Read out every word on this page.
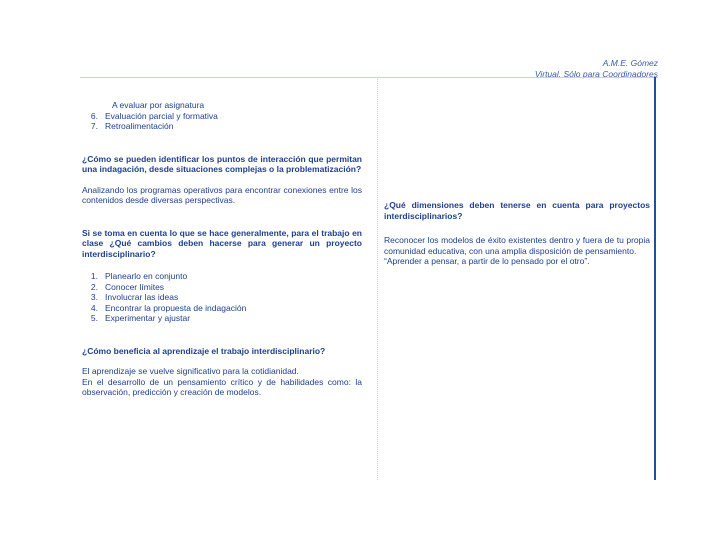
A.M.E. Gómez
Virtual. Sólo para Coordinadores
A evaluar por asignatura
6. Evaluación parcial y formativa
7. Retroalimentación

¿Cómo se pueden identificar los puntos de interacción que permitan una indagación, desde situaciones complejas o la problematización?

Analizando los programas operativos para encontrar conexiones entre los contenidos desde diversas perspectivas.

Si se toma en cuenta lo que se hace generalmente, para el trabajo en clase ¿Qué cambios deben hacerse para generar un proyecto interdisciplinario?

1. Planearlo en conjunto
2. Conocer límites
3. Involucrar las ideas
4. Encontrar la propuesta de indagación
5. Experimentar y ajustar

¿Cómo beneficia al aprendizaje el trabajo interdisciplinario?

El aprendizaje se vuelve significativo para la cotidianidad.

En el desarrollo de un pensamiento crítico y de habilidades como: la observación, predicción y creación de modelos.

¿Qué dimensiones deben tenerse en cuenta para proyectos interdisciplinarios?

Reconocer los modelos de éxito existentes dentro y fuera de tu propia comunidad educativa, con una amplia disposición de pensamiento.

“Aprender a pensar, a partir de lo pensado por el otro”.
